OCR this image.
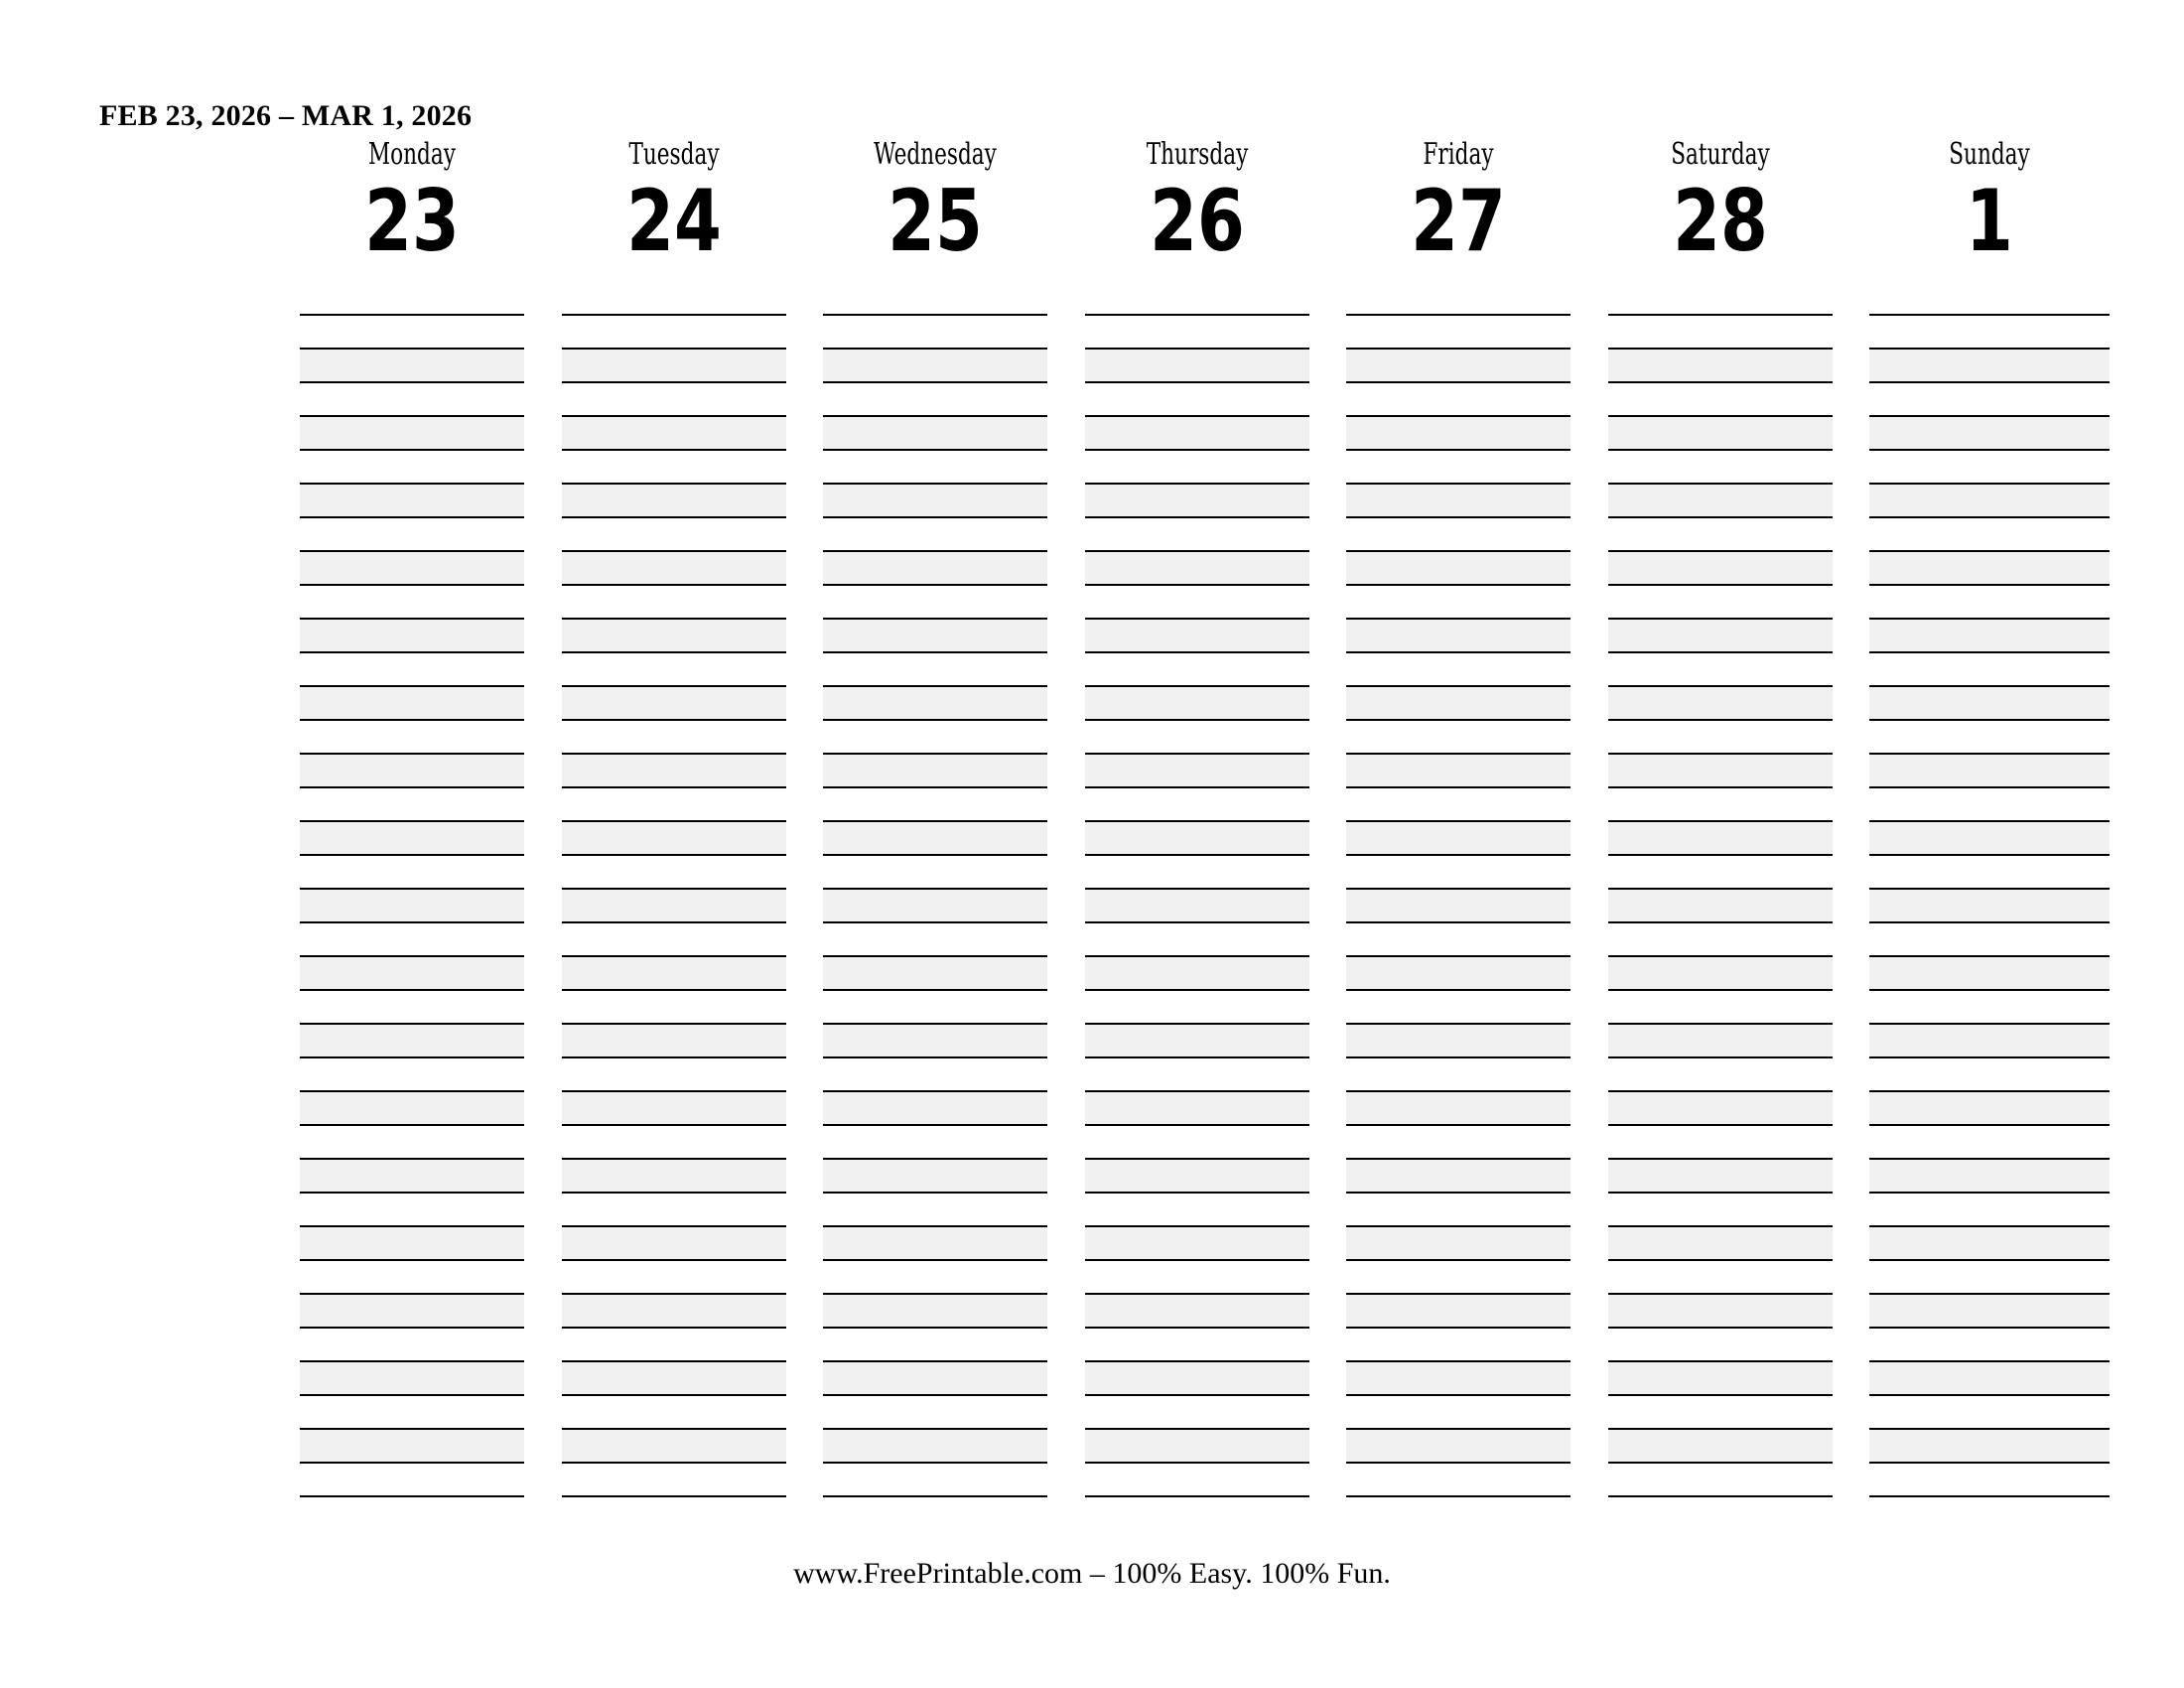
FEB 23, 2026 – MAR 1, 2026
Monday
23
Tuesday
24
Wednesday
25
Thursday
26
Friday
27
Saturday
28
Sunday
1
www.FreePrintable.com – 100% Easy. 100% Fun.
